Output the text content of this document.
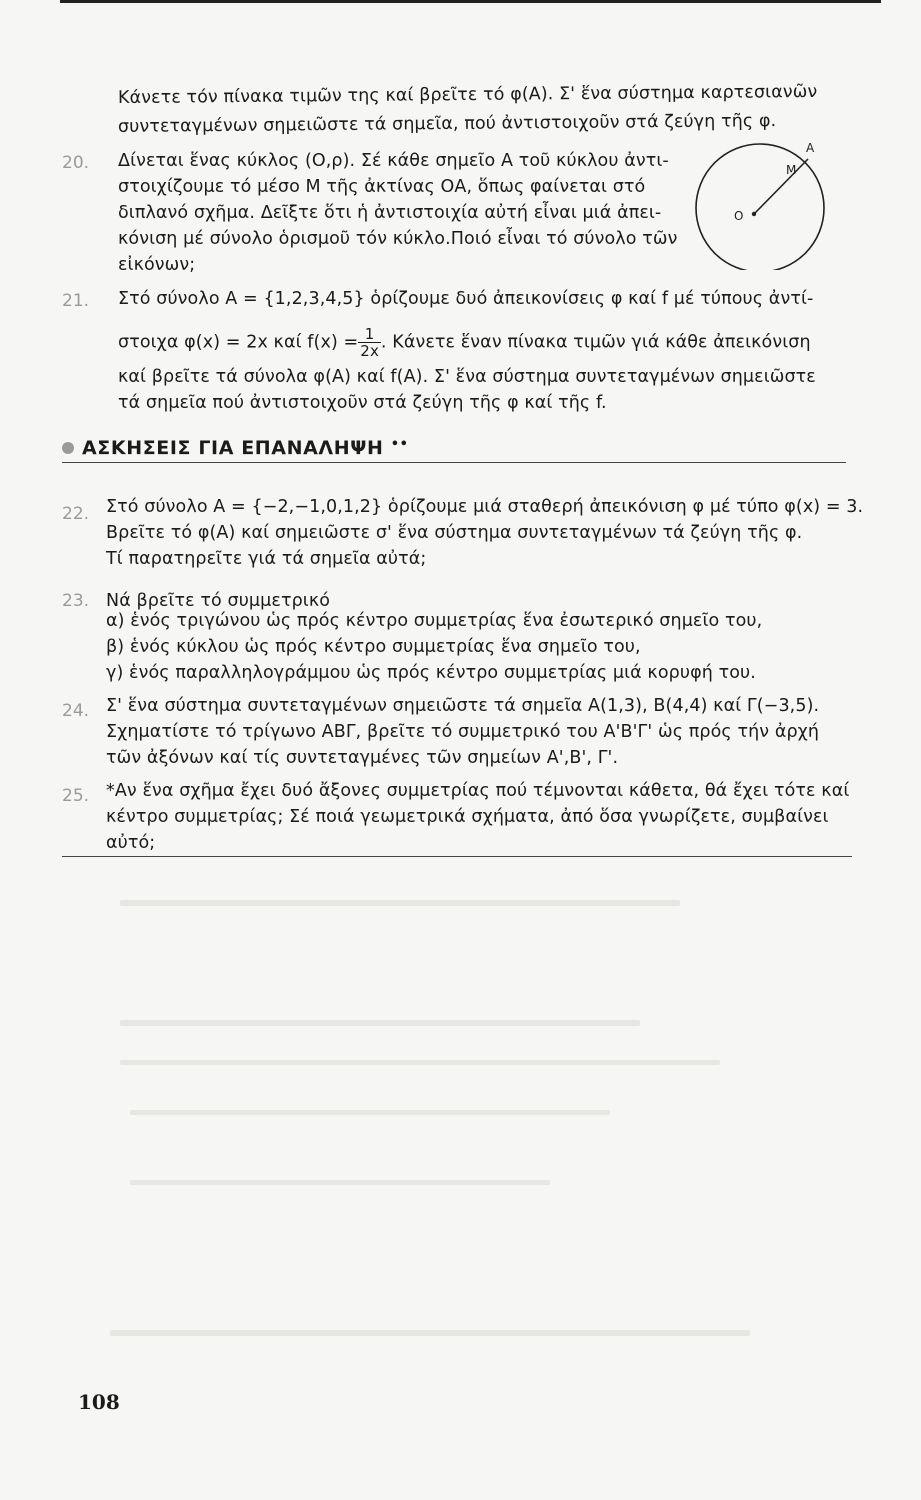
Κάνετε τόν πίνακα τιμῶν της καί βρεῖτε τό φ(Α). Σ' ἕνα σύστημα καρτεσιανῶν
συντεταγμένων σημειῶστε τά σημεῖα, πού ἀντιστοιχοῦν στά ζεύγη τῆς φ.
20. Δίνεται ἕνας κύκλος (Ο,ρ). Σέ κάθε σημεῖο Α τοῦ κύκλου ἀντι-
στοιχίζουμε τό μέσο Μ τῆς ἀκτίνας ΟΑ, ὅπως φαίνεται στό
διπλανό σχῆμα. Δεῖξτε ὅτι ἡ ἀντιστοιχία αὐτή εἶναι μιά ἀπει-
κόνιση μέ σύνολο ὁρισμοῦ τόν κύκλο.Ποιό εἶναι τό σύνολο τῶν
εἰκόνων;
A
M
O
21. Στό σύνολο Α = {1,2,3,4,5} ὁρίζουμε δυό ἀπεικονίσεις φ καί f μέ τύπους ἀντί-
στοιχα φ(x) = 2x καί $f(x) = \frac{1}{2x}$ . Κάνετε ἕναν πίνακα τιμῶν γιά κάθε ἀπεικόνιση
καί βρεῖτε τά σύνολα φ(Α) καί f(Α). Σ' ἕνα σύστημα συντεταγμένων σημειῶστε
τά σημεῖα πού ἀντιστοιχοῦν στά ζεύγη τῆς φ καί τῆς f.
ΑΣΚΗΣΕΙΣ ΓΙΑ ΕΠΑΝΑΛΗΨΗ ••
22. Στό σύνολο Α = {−2,−1,0,1,2} ὁρίζουμε μιά σταθερή ἀπεικόνιση φ μέ τύπο φ(x) = 3.
Βρεῖτε τό φ(Α) καί σημειῶστε σ' ἕνα σύστημα συντεταγμένων τά ζεύγη τῆς φ.
Τί παρατηρεῖτε γιά τά σημεῖα αὐτά;
23. Νά βρεῖτε τό συμμετρικό
α) ἑνός τριγώνου ὡς πρός κέντρο συμμετρίας ἕνα ἐσωτερικό σημεῖο του,
β) ἑνός κύκλου ὡς πρός κέντρο συμμετρίας ἕνα σημεῖο του,
γ) ἑνός παραλληλογράμμου ὡς πρός κέντρο συμμετρίας μιά κορυφή του.
24. Σ' ἕνα σύστημα συντεταγμένων σημειῶστε τά σημεῖα Α(1,3), Β(4,4) καί Γ(−3,5).
Σχηματίστε τό τρίγωνο ΑΒΓ, βρεῖτε τό συμμετρικό του Α'Β'Γ' ὡς πρός τήν ἀρχή
τῶν ἀξόνων καί τίς συντεταγμένες τῶν σημείων Α',Β', Γ'.
25. *Αν ἕνα σχῆμα ἔχει δυό ἄξονες συμμετρίας πού τέμνονται κάθετα, θά ἔχει τότε καί
κέντρο συμμετρίας; Σέ ποιά γεωμετρικά σχήματα, ἀπό ὅσα γνωρίζετε, συμβαίνει
αὐτό;
108
